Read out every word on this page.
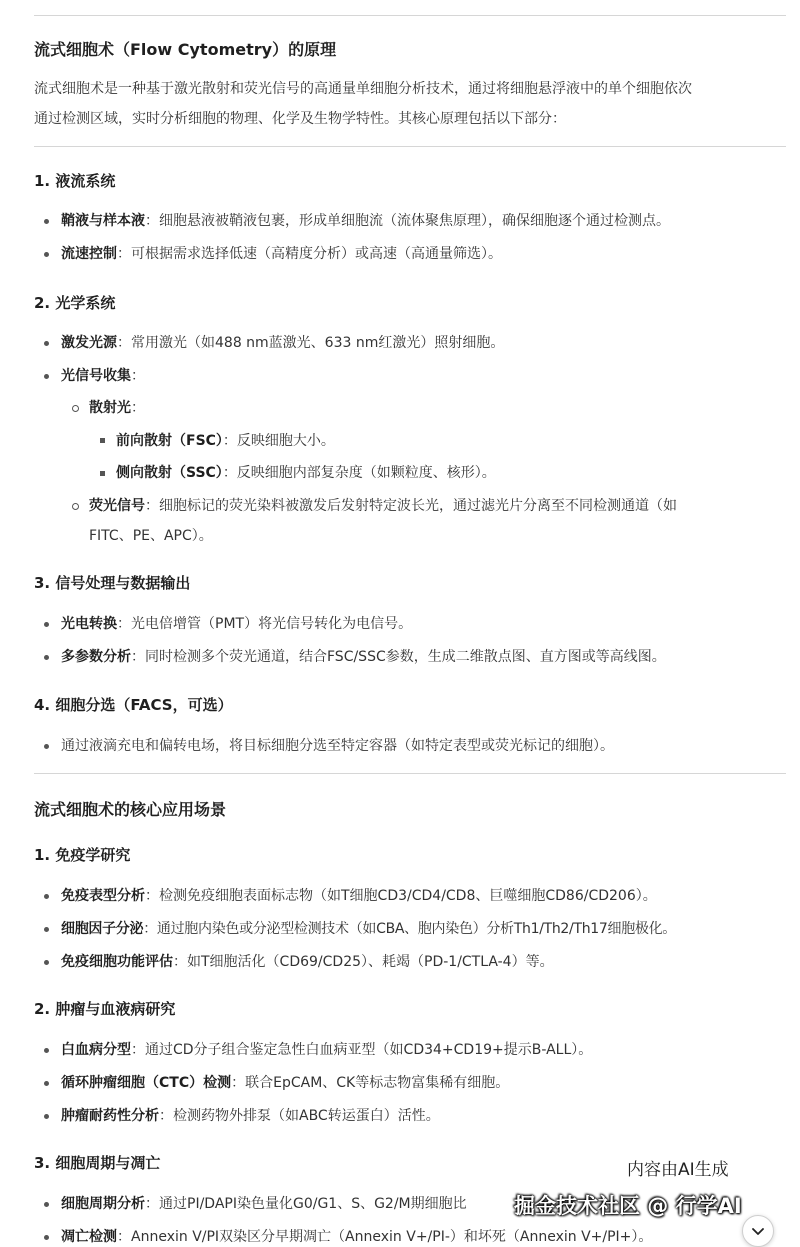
流式细胞术（Flow Cytometry）的原理
流式细胞术是一种基于激光散射和荧光信号的高通量单细胞分析技术，通过将细胞悬浮液中的单个细胞依次
通过检测区域，实时分析细胞的物理、化学及生物学特性。其核心原理包括以下部分：
1. 液流系统
鞘液与样本液：细胞悬液被鞘液包裹，形成单细胞流（流体聚焦原理），确保细胞逐个通过检测点。
流速控制：可根据需求选择低速（高精度分析）或高速（高通量筛选）。
2. 光学系统
激发光源：常用激光（如488 nm蓝激光、633 nm红激光）照射细胞。
光信号收集：
散射光：
前向散射（FSC）：反映细胞大小。
侧向散射（SSC）：反映细胞内部复杂度（如颗粒度、核形）。
荧光信号：细胞标记的荧光染料被激发后发射特定波长光，通过滤光片分离至不同检测通道（如
FITC、PE、APC）。
3. 信号处理与数据输出
光电转换：光电倍增管（PMT）将光信号转化为电信号。
多参数分析：同时检测多个荧光通道，结合FSC/SSC参数，生成二维散点图、直方图或等高线图。
4. 细胞分选（FACS，可选）
通过液滴充电和偏转电场，将目标细胞分选至特定容器（如特定表型或荧光标记的细胞）。
流式细胞术的核心应用场景
1. 免疫学研究
免疫表型分析：检测免疫细胞表面标志物（如T细胞CD3/CD4/CD8、巨噬细胞CD86/CD206）。
细胞因子分泌：通过胞内染色或分泌型检测技术（如CBA、胞内染色）分析Th1/Th2/Th17细胞极化。
免疫细胞功能评估：如T细胞活化（CD69/CD25）、耗竭（PD-1/CTLA-4）等。
2. 肿瘤与血液病研究
白血病分型：通过CD分子组合鉴定急性白血病亚型（如CD34+CD19+提示B-ALL）。
循环肿瘤细胞（CTC）检测：联合EpCAM、CK等标志物富集稀有细胞。
肿瘤耐药性分析：检测药物外排泵（如ABC转运蛋白）活性。
3. 细胞周期与凋亡
细胞周期分析：通过PI/DAPI染色量化G0/G1、S、G2/M期细胞比
凋亡检测：Annexin V/PI双染区分早期凋亡（Annexin V+/PI-）和坏死（Annexin V+/PI+）。
内容由AI生成
掘金技术社区 @ 行学AI
